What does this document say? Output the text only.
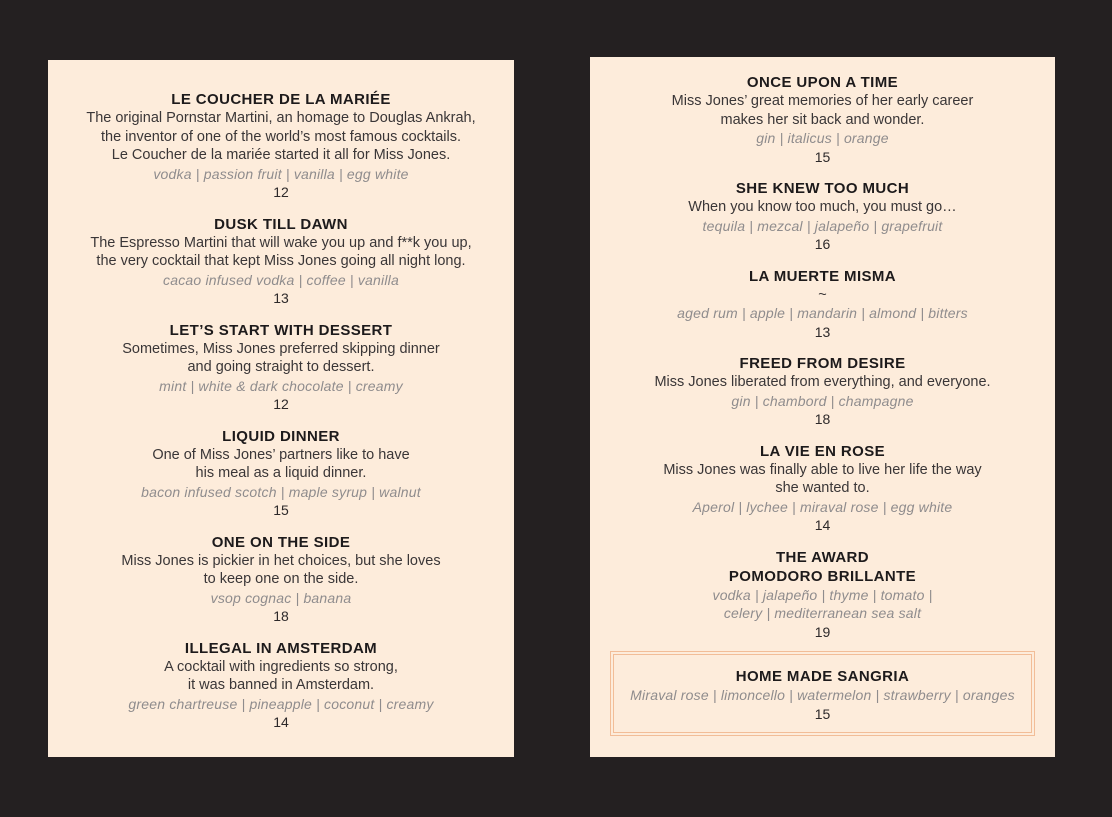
LE COUCHER DE LA MARIÉE
The original Pornstar Martini, an homage to Douglas Ankrah,
the inventor of one of the world’s most famous cocktails.
Le Coucher de la mariée started it all for Miss Jones.
vodka | passion fruit | vanilla | egg white
12
DUSK TILL DAWN
The Espresso Martini that will wake you up and f**k you up,
the very cocktail that kept Miss Jones going all night long.
cacao infused vodka | coffee | vanilla
13
LET’S START WITH DESSERT
Sometimes, Miss Jones preferred skipping dinner
and going straight to dessert.
mint | white & dark chocolate | creamy
12
LIQUID DINNER
One of Miss Jones’ partners like to have
his meal as a liquid dinner.
bacon infused scotch | maple syrup | walnut
15
ONE ON THE SIDE
Miss Jones is pickier in het choices, but she loves
to keep one on the side.
vsop cognac | banana
18
ILLEGAL IN AMSTERDAM
A cocktail with ingredients so strong,
it was banned in Amsterdam.
green chartreuse | pineapple | coconut | creamy
14
ONCE UPON A TIME
Miss Jones’ great memories of her early career
makes her sit back and wonder.
gin | italicus | orange
15
SHE KNEW TOO MUCH
When you know too much, you must go…
tequila | mezcal | jalapeño | grapefruit
16
LA MUERTE MISMA
~
aged rum | apple | mandarin | almond | bitters
13
FREED FROM DESIRE
Miss Jones liberated from everything, and everyone.
gin | chambord | champagne
18
LA VIE EN ROSE
Miss Jones was finally able to live her life the way
she wanted to.
Aperol | lychee | miraval rose | egg white
14
THE AWARD
POMODORO BRILLANTE
vodka | jalapeño | thyme | tomato |
celery | mediterranean sea salt
19
HOME MADE SANGRIA
Miraval rose | limoncello | watermelon | strawberry | oranges
15
